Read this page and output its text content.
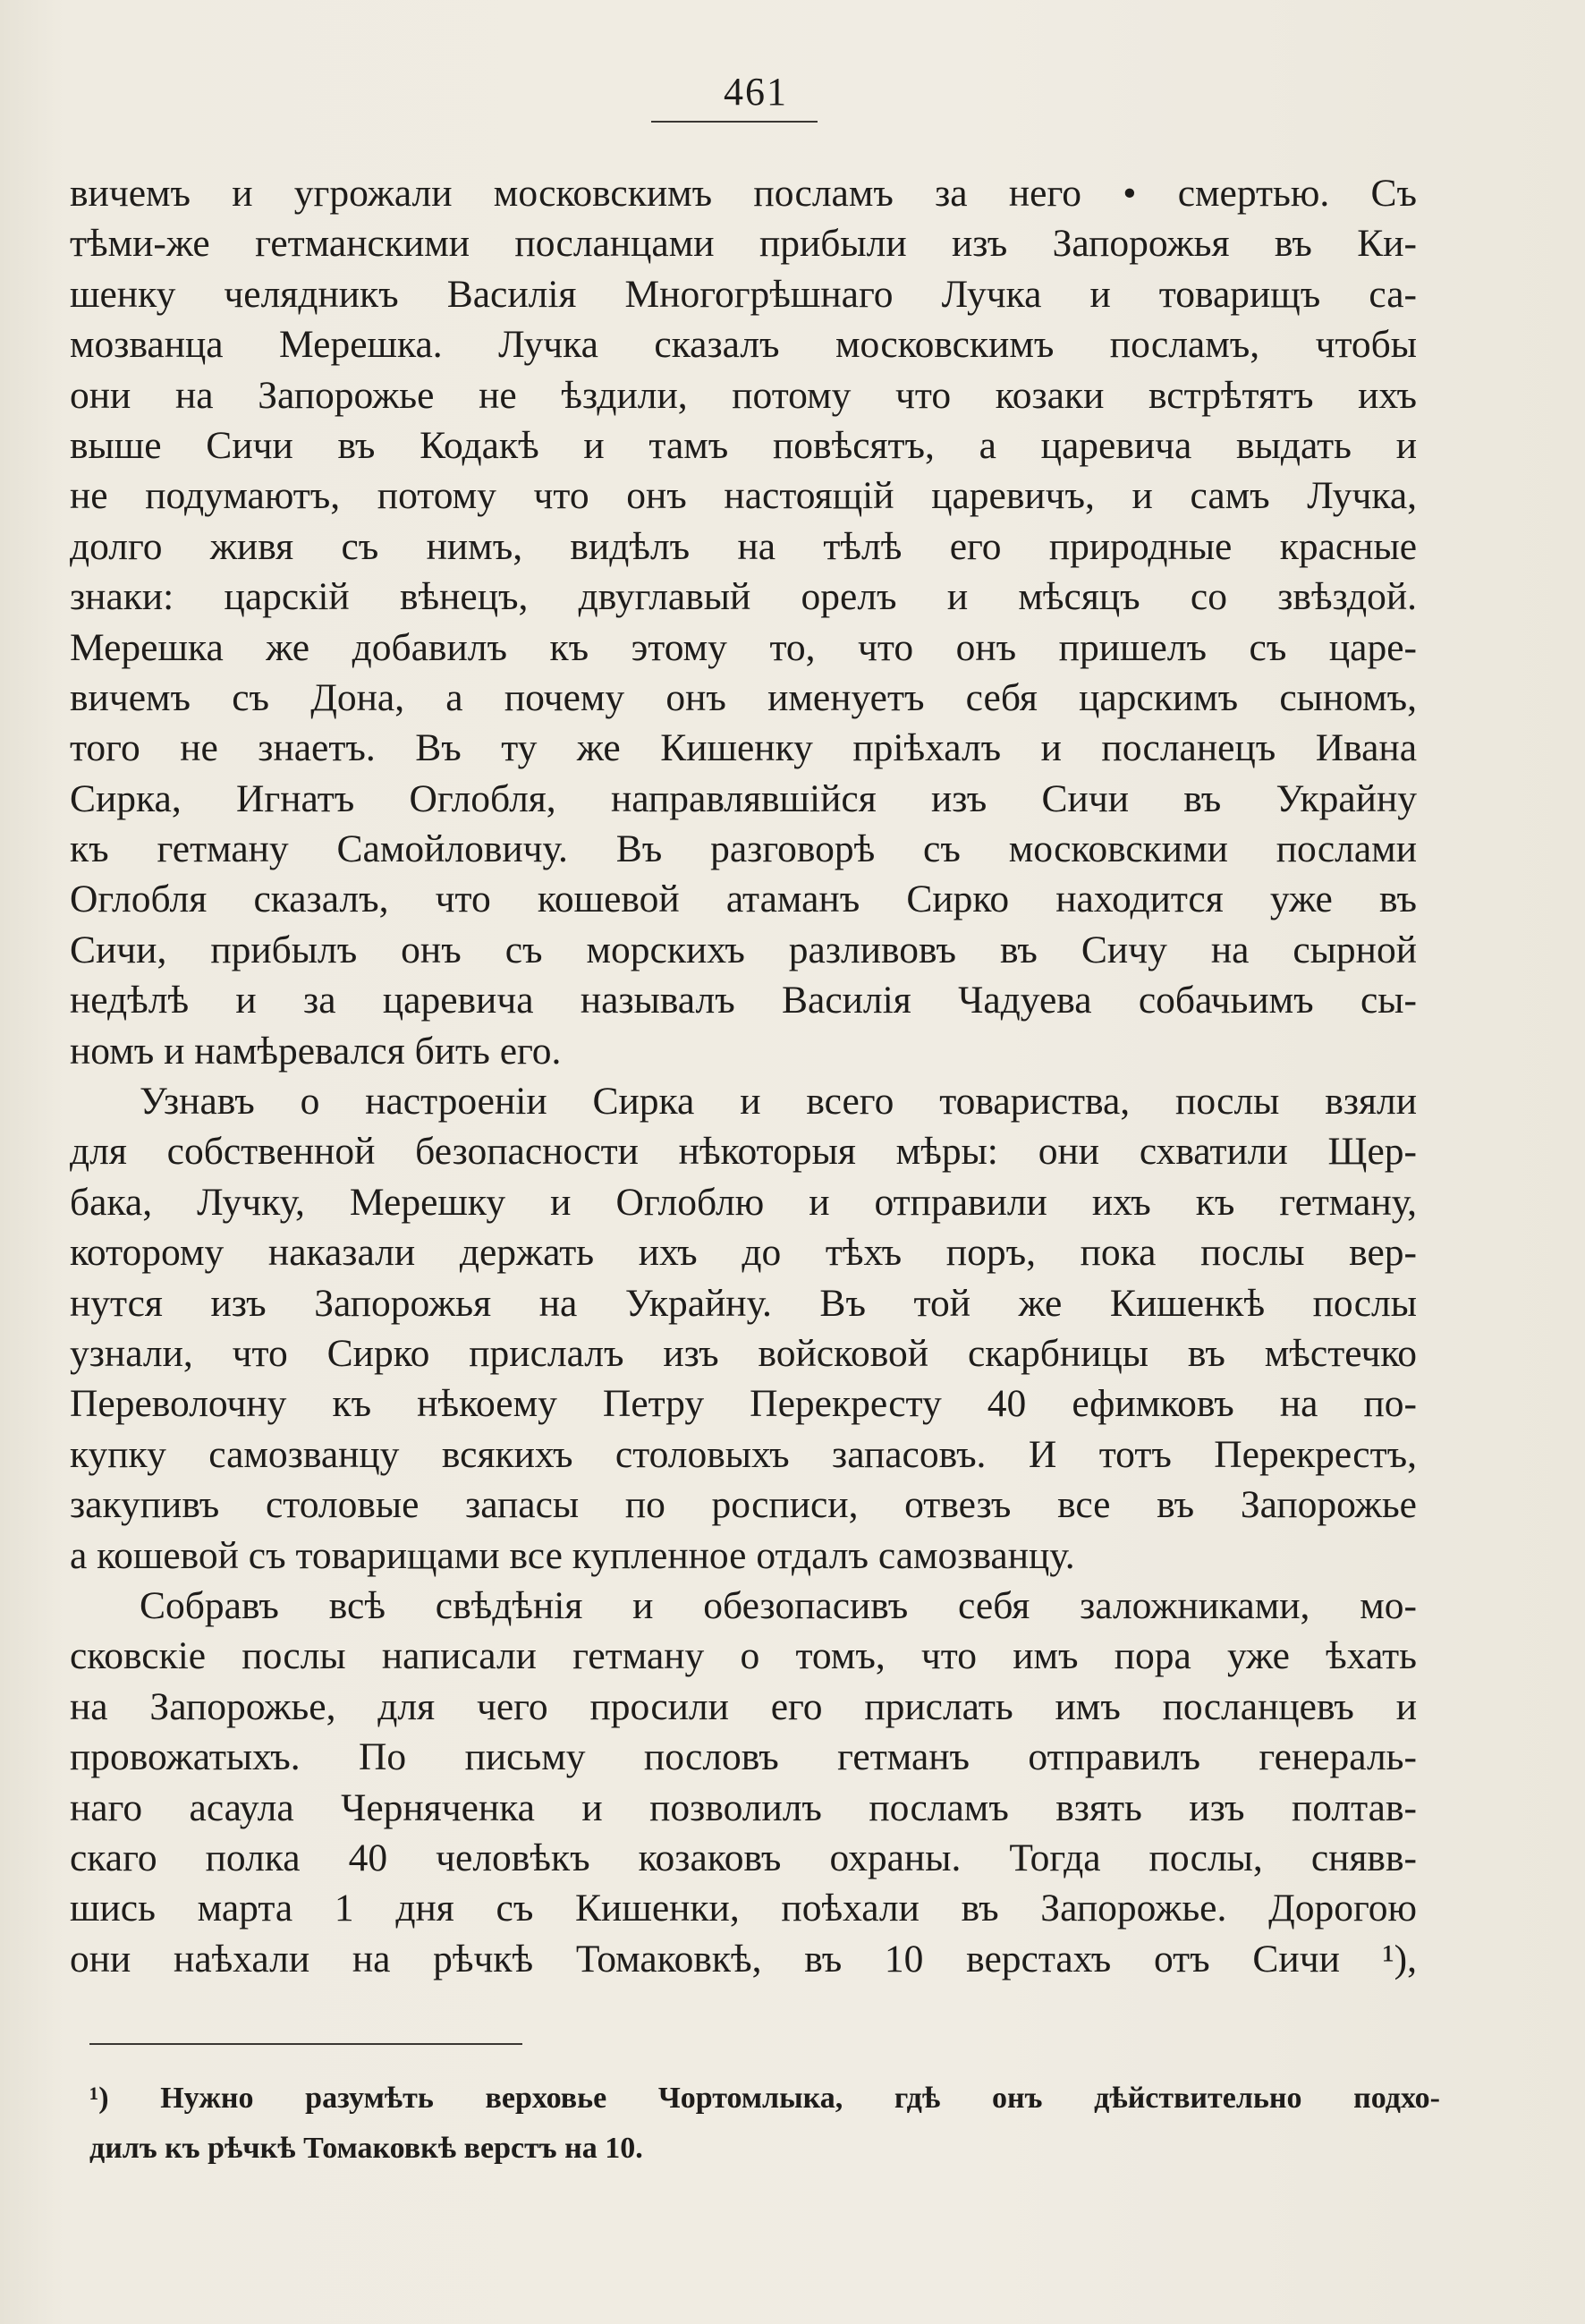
461
вичемъ и угрожали московскимъ посламъ за него • смертью. Съ
тѣми-же гетманскими посланцами прибыли изъ Запорожья въ Ки-
шенку челядникъ Василія Многогрѣшнаго Лучка и товарищъ са-
мозванца Мерешка. Лучка сказалъ московскимъ посламъ, чтобы
они на Запорожье не ѣздили, потому что козаки встрѣтятъ ихъ
выше Сичи въ Кодакѣ и тамъ повѣсятъ, а царевича выдать и
не подумаютъ, потому что онъ настоящій царевичъ, и самъ Лучка,
долго живя съ нимъ, видѣлъ на тѣлѣ его природные красные
знаки: царскій вѣнецъ, двуглавый орелъ и мѣсяцъ со звѣздой.
Мерешка же добавилъ къ этому то, что онъ пришелъ съ царе-
вичемъ съ Дона, а почему онъ именуетъ себя царскимъ сыномъ,
того не знаетъ. Въ ту же Кишенку пріѣхалъ и посланецъ Ивана
Сирка, Игнатъ Оглобля, направлявшійся изъ Сичи въ Украйну
къ гетману Самойловичу. Въ разговорѣ съ московскими послами
Оглобля сказалъ, что кошевой атаманъ Сирко находится уже въ
Сичи, прибылъ онъ съ морскихъ разливовъ въ Сичу на сырной
недѣлѣ и за царевича называлъ Василія Чадуева собачьимъ сы-
номъ и намѣревался бить его.
Узнавъ о настроеніи Сирка и всего товариства, послы взяли
для собственной безопасности нѣкоторыя мѣры: они схватили Щер-
бака, Лучку, Мерешку и Оглоблю и отправили ихъ къ гетману,
которому наказали держать ихъ до тѣхъ поръ, пока послы вер-
нутся изъ Запорожья на Украйну. Въ той же Кишенкѣ послы
узнали, что Сирко прислалъ изъ войсковой скарбницы въ мѣстечко
Переволочну къ нѣкоему Петру Перекресту 40 ефимковъ на по-
купку самозванцу всякихъ столовыхъ запасовъ. И тотъ Перекрестъ,
закупивъ столовые запасы по росписи, отвезъ все въ Запорожье
а кошевой съ товарищами все купленное отдалъ самозванцу.
Собравъ всѣ свѣдѣнія и обезопасивъ себя заложниками, мо-
сковскіе послы написали гетману о томъ, что имъ пора уже ѣхать
на Запорожье, для чего просили его прислать имъ посланцевъ и
провожатыхъ. По письму пословъ гетманъ отправилъ генераль-
наго асаула Черняченка и позволилъ посламъ взять изъ полтав-
скаго полка 40 человѣкъ козаковъ охраны. Тогда послы, снявв-
шись марта 1 дня съ Кишенки, поѣхали въ Запорожье. Дорогою
они наѣхали на рѣчкѣ Томаковкѣ, въ 10 верстахъ отъ Сичи ¹),
¹) Нужно разумѣть верховье Чортомлыка, гдѣ онъ дѣйствительно подхо-
дилъ къ рѣчкѣ Томаковкѣ верстъ на 10.
